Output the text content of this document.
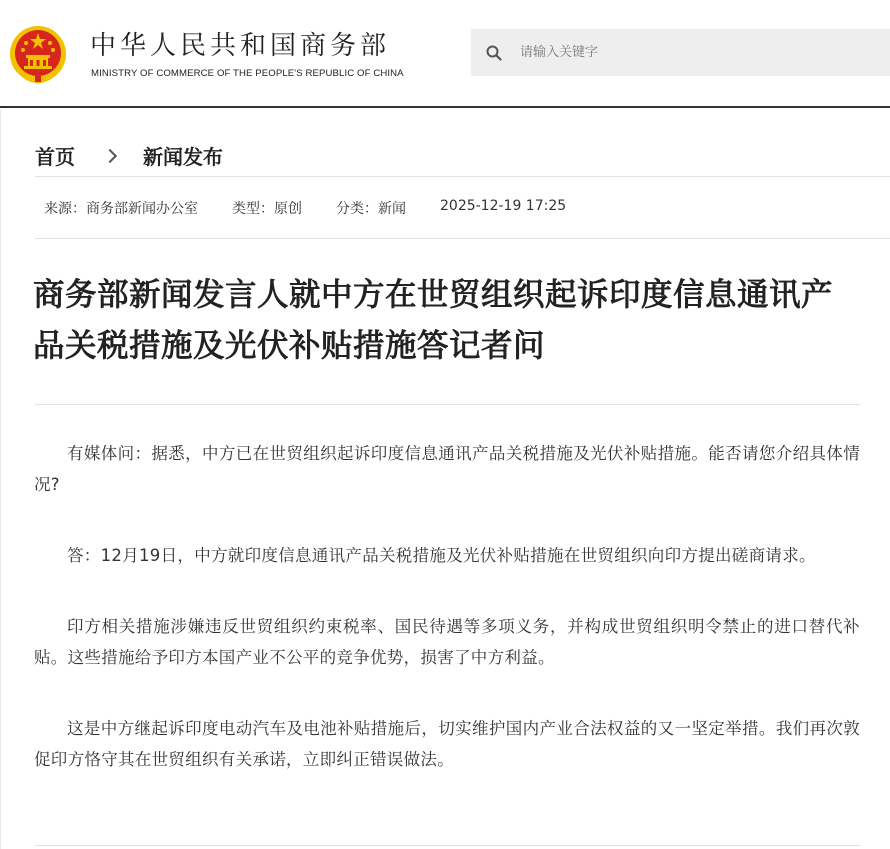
中华人民共和国商务部
MINISTRY OF COMMERCE OF THE PEOPLE'S REPUBLIC OF CHINA
请输入关键字
首页	新闻发布
来源：商务部新闻办公室 类型：原创 分类：新闻 2025-12-19 17:25
商务部新闻发言人就中方在世贸组织起诉印度信息通讯产品关税措施及光伏补贴措施答记者问

有媒体问：据悉，中方已在世贸组织起诉印度信息通讯产品关税措施及光伏补贴措施。能否请您介绍具体情况?

答：12月19日，中方就印度信息通讯产品关税措施及光伏补贴措施在世贸组织向印方提出磋商请求。

印方相关措施涉嫌违反世贸组织约束税率、国民待遇等多项义务，并构成世贸组织明令禁止的进口替代补贴。这些措施给予印方本国产业不公平的竞争优势，损害了中方利益。

这是中方继起诉印度电动汽车及电池补贴措施后，切实维护国内产业合法权益的又一坚定举措。我们再次敦促印方恪守其在世贸组织有关承诺，立即纠正错误做法。
